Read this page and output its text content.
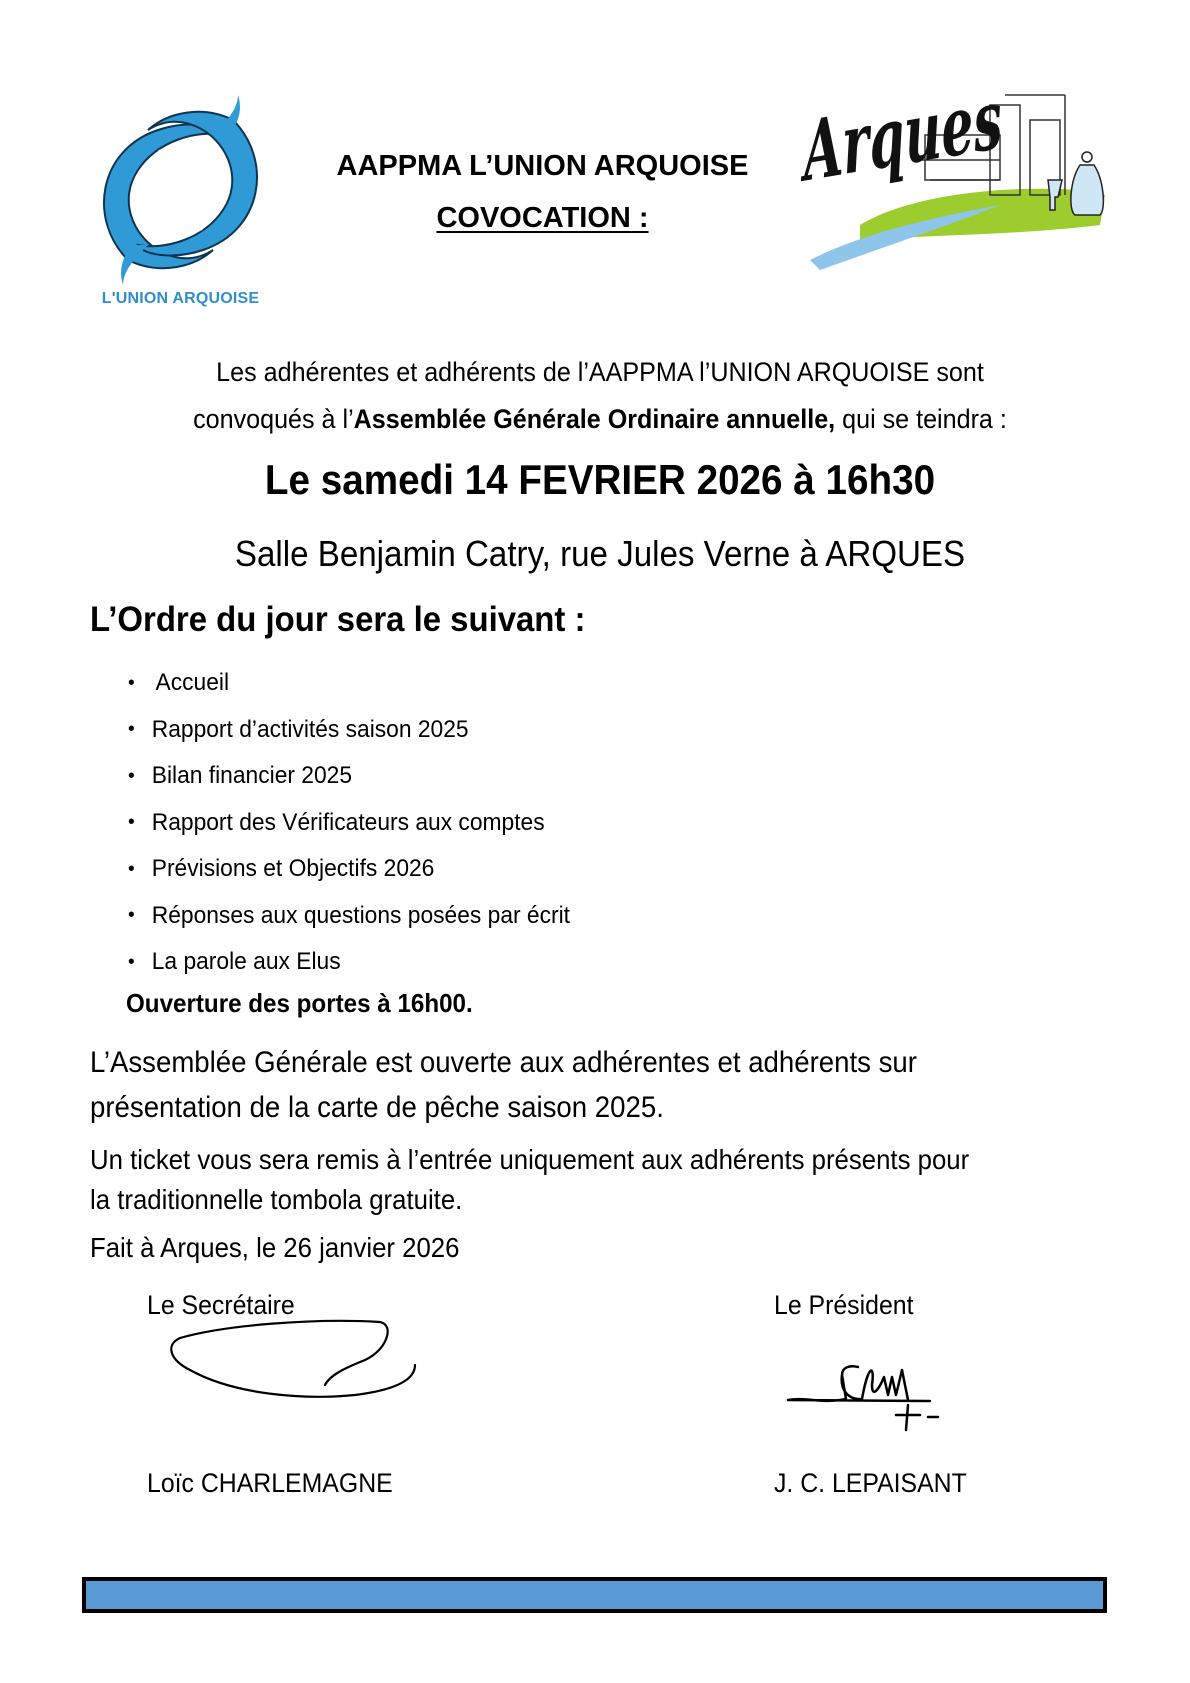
L'UNION ARQUOISE
AAPPMA L’UNION ARQUOISE
COVOCATION :
Arques
Les adhérentes et adhérents de l’AAPPMA l’UNION ARQUOISE sont
convoqués à l’Assemblée Générale Ordinaire annuelle, qui se teindra :
Le samedi 14 FEVRIER 2026 à 16h30
Salle Benjamin Catry, rue Jules Verne à ARQUES
L’Ordre du jour sera le suivant :
• Accueil
• Rapport d’activités saison 2025
• Bilan financier 2025
• Rapport des Vérificateurs aux comptes
• Prévisions et Objectifs 2026
• Réponses aux questions posées par écrit
• La parole aux Elus
Ouverture des portes à 16h00.
L’Assemblée Générale est ouverte aux adhérentes et adhérents sur
présentation de la carte de pêche saison 2025.
Un ticket vous sera remis à l’entrée uniquement aux adhérents présents pour
la traditionnelle tombola gratuite.
Fait à Arques, le 26 janvier 2026
Le Secrétaire	Le Président
Loïc CHARLEMAGNE	J. C. LEPAISANT
